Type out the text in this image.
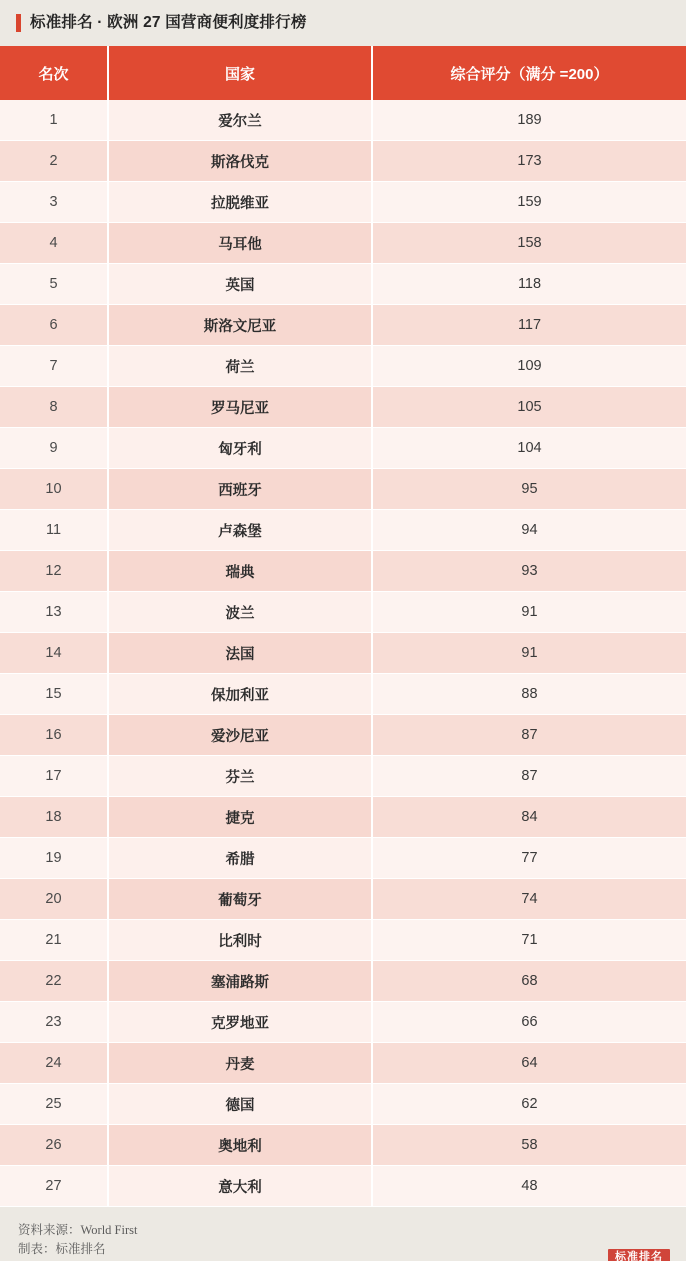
标准排名 · 欧洲 27 国营商便利度排行榜
名次	国家	综合评分（满分 =200）
1	爱尔兰	189
2	斯洛伐克	173
3	拉脱维亚	159
4	马耳他	158
5	英国	118
6	斯洛文尼亚	117
7	荷兰	109
8	罗马尼亚	105
9	匈牙利	104
10	西班牙	95
11	卢森堡	94
12	瑞典	93
13	波兰	91
14	法国	91
15	保加利亚	88
16	爱沙尼亚	87
17	芬兰	87
18	捷克	84
19	希腊	77
20	葡萄牙	74
21	比利时	71
22	塞浦路斯	68
23	克罗地亚	66
24	丹麦	64
25	德国	62
26	奥地利	58
27	意大利	48
资料来源：World First
制表：标准排名
标准排名
